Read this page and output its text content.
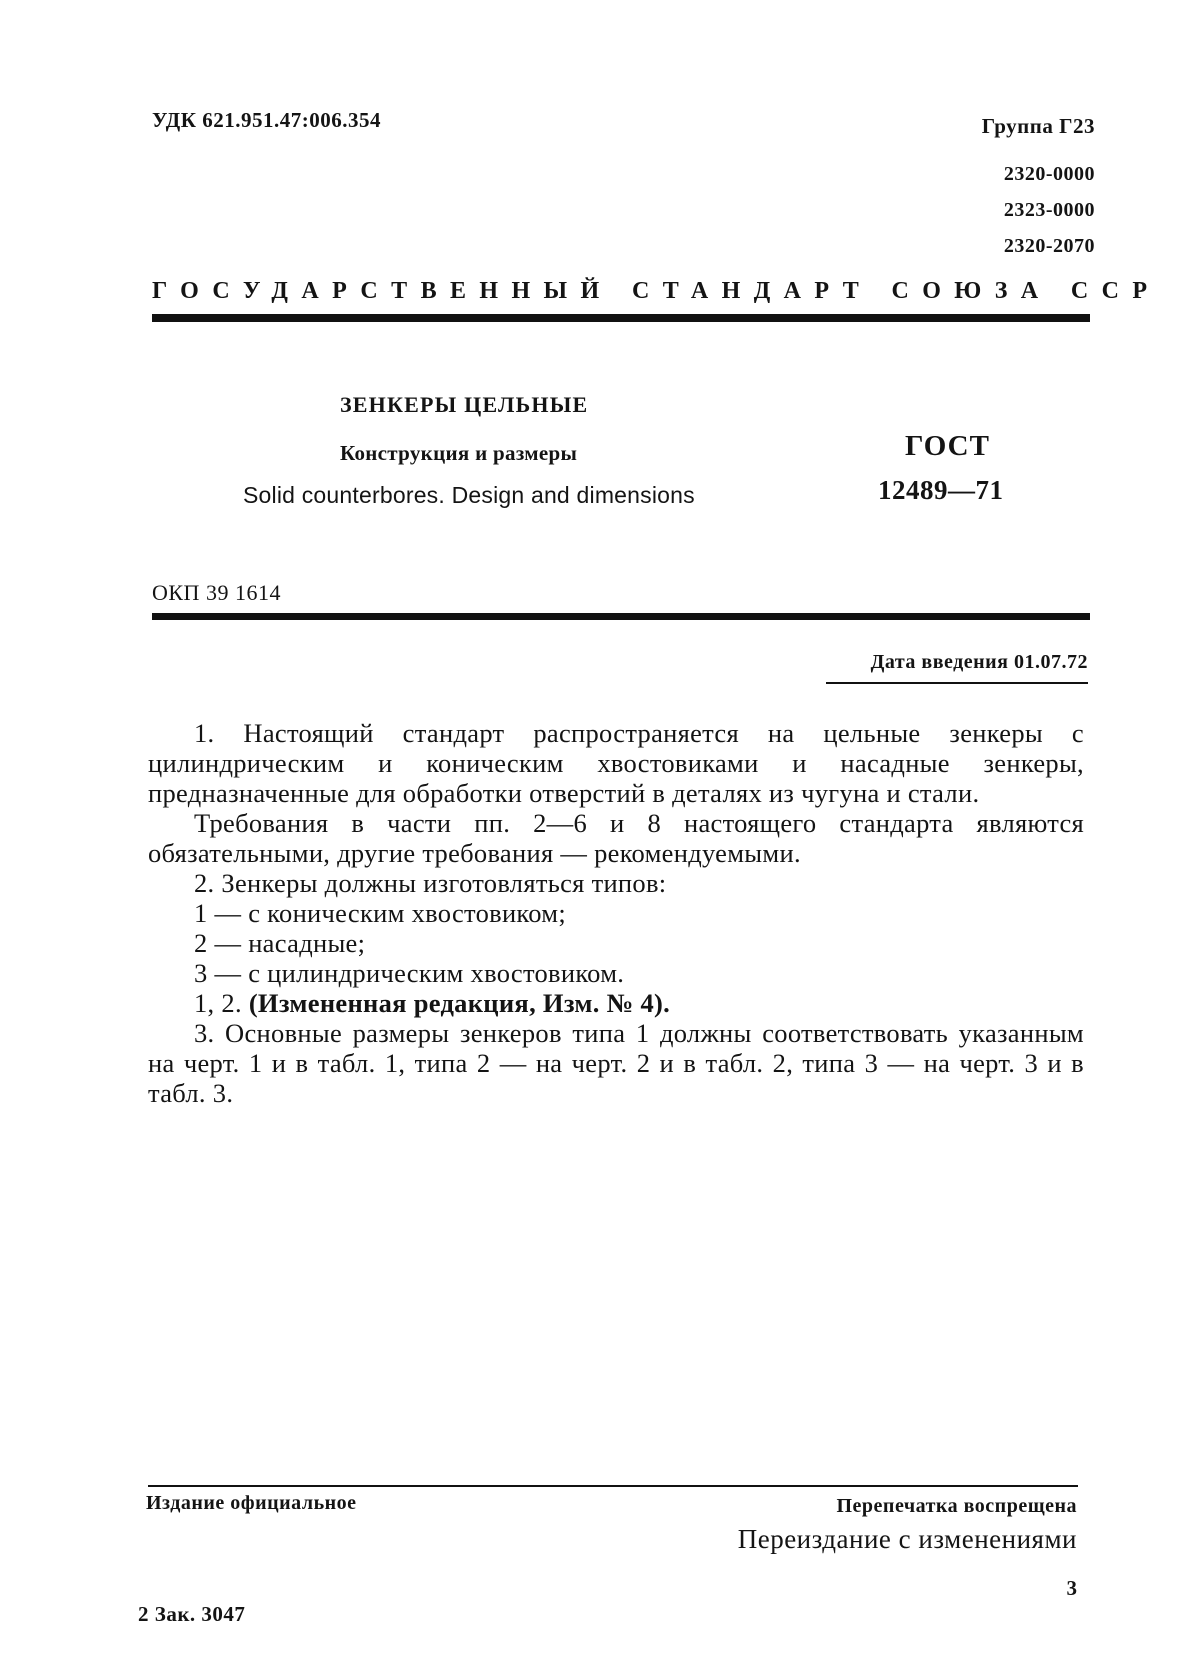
УДК 621.951.47:006.354	Группа Г23
2320-0000
2323-0000
2320-2070
ГОСУДАРСТВЕННЫЙ СТАНДАРТ СОЮЗА ССР
ЗЕНКЕРЫ ЦЕЛЬНЫЕ
Конструкция и размеры
Solid counterbores. Design and dimensions
ГОСТ
12489—71
ОКП 39 1614
Дата введения 01.07.72

1. Настоящий стандарт распространяется на цельные зенкеры с цилиндрическим и коническим хвостовиками и насадные зенкеры, предназначенные для обработки отверстий в деталях из чугуна и стали.

Требования в части пп. 2—6 и 8 настоящего стандарта являются обязательными, другие требования — рекомендуемыми.

2. Зенкеры должны изготовляться типов:

1 — с коническим хвостовиком;

2 — насадные;

3 — с цилиндрическим хвостовиком.

1, 2. (Измененная редакция, Изм. № 4).

3. Основные размеры зенкеров типа 1 должны соответствовать указанным на черт. 1 и в табл. 1, типа 2 — на черт. 2 и в табл. 2, типа 3 — на черт. 3 и в табл. 3.

Издание официальное	Перепечатка воспрещена
Переиздание с изменениями
3
2 Зак. 3047
